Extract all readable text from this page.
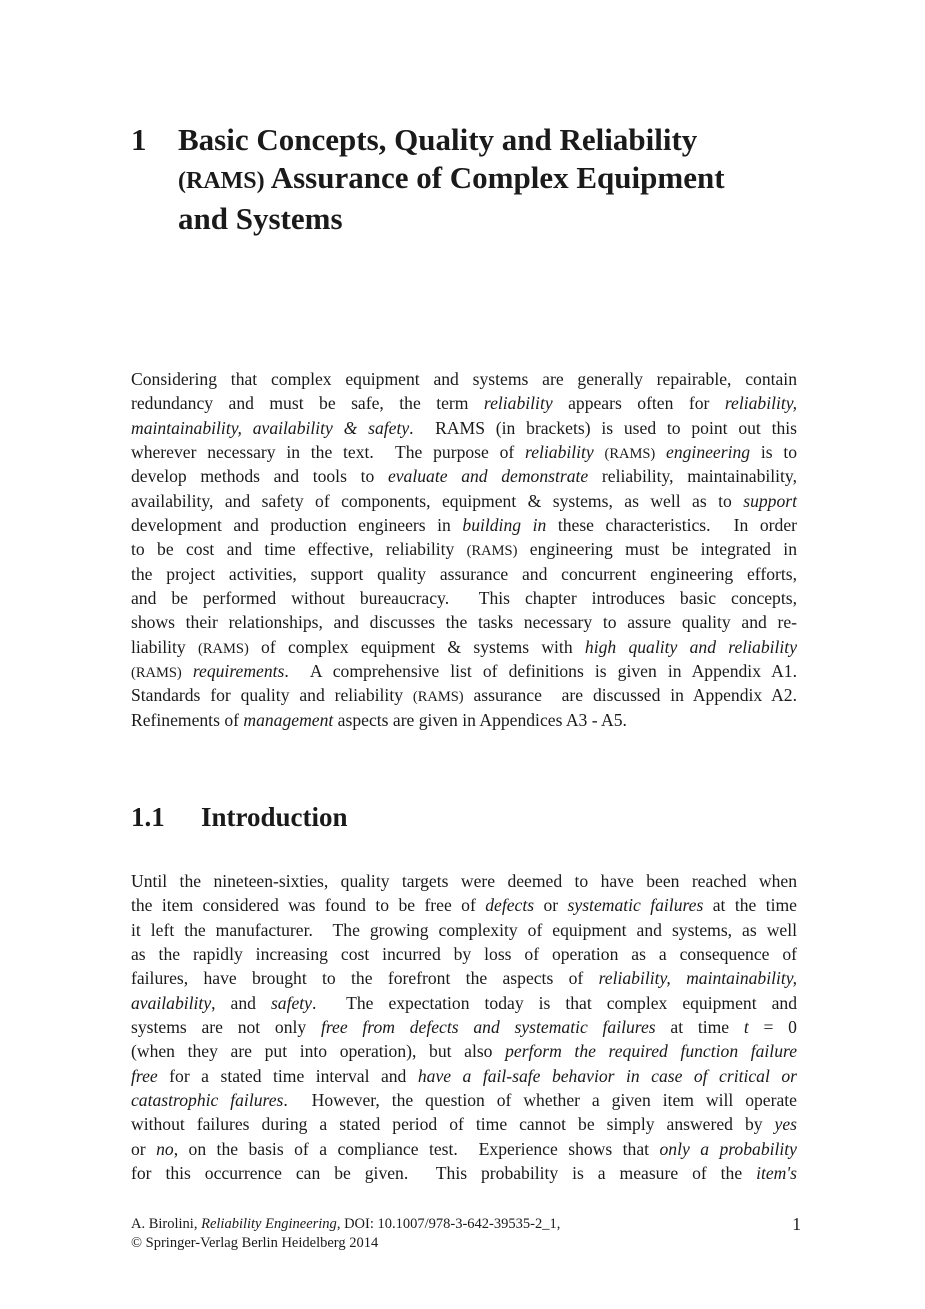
1 Basic Concepts, Quality and Reliability
(RAMS) Assurance of Complex Equipment
and Systems
Considering that complex equipment and systems are generally repairable, contain
redundancy and must be safe, the term reliability appears often for reliability,
maintainability, availability & safety.  RAMS (in brackets) is used to point out this
wherever necessary in the text.  The purpose of reliability (RAMS) engineering is to
develop methods and tools to evaluate and demonstrate reliability, maintainability,
availability, and safety of components, equipment & systems, as well as to support
development and production engineers in building in these characteristics.  In order
to be cost and time effective, reliability (RAMS) engineering must be integrated in
the project activities, support quality assurance and concurrent engineering efforts,
and be performed without bureaucracy.  This chapter introduces basic concepts,
shows their relationships, and discusses the tasks necessary to assure quality and re-
liability (RAMS) of complex equipment & systems with high quality and reliability
(RAMS) requirements.  A comprehensive list of definitions is given in Appendix A1.
Standards for quality and reliability (RAMS) assurance  are discussed in Appendix A2.
Refinements of management aspects are given in Appendices A3 - A5.
1.1 Introduction
Until the nineteen-sixties, quality targets were deemed to have been reached when
the item considered was found to be free of defects or systematic failures at the time
it left the manufacturer.  The growing complexity of equipment and systems, as well
as the rapidly increasing cost incurred by loss of operation as a consequence of
failures, have brought to the forefront the aspects of reliability, maintainability,
availability, and safety.  The expectation today is that complex equipment and
systems are not only free from defects and systematic failures at time t = 0
(when they are put into operation), but also perform the required function failure
free for a stated time interval and have a fail-safe behavior in case of critical or
catastrophic failures.  However, the question of whether a given item will operate
without failures during a stated period of time cannot be simply answered by yes
or no, on the basis of a compliance test.  Experience shows that only a probability
for this occurrence can be given.  This probability is a measure of the item's
A. Birolini, Reliability Engineering, DOI: 10.1007/978-3-642-39535-2_1,
© Springer-Verlag Berlin Heidelberg 2014
1
